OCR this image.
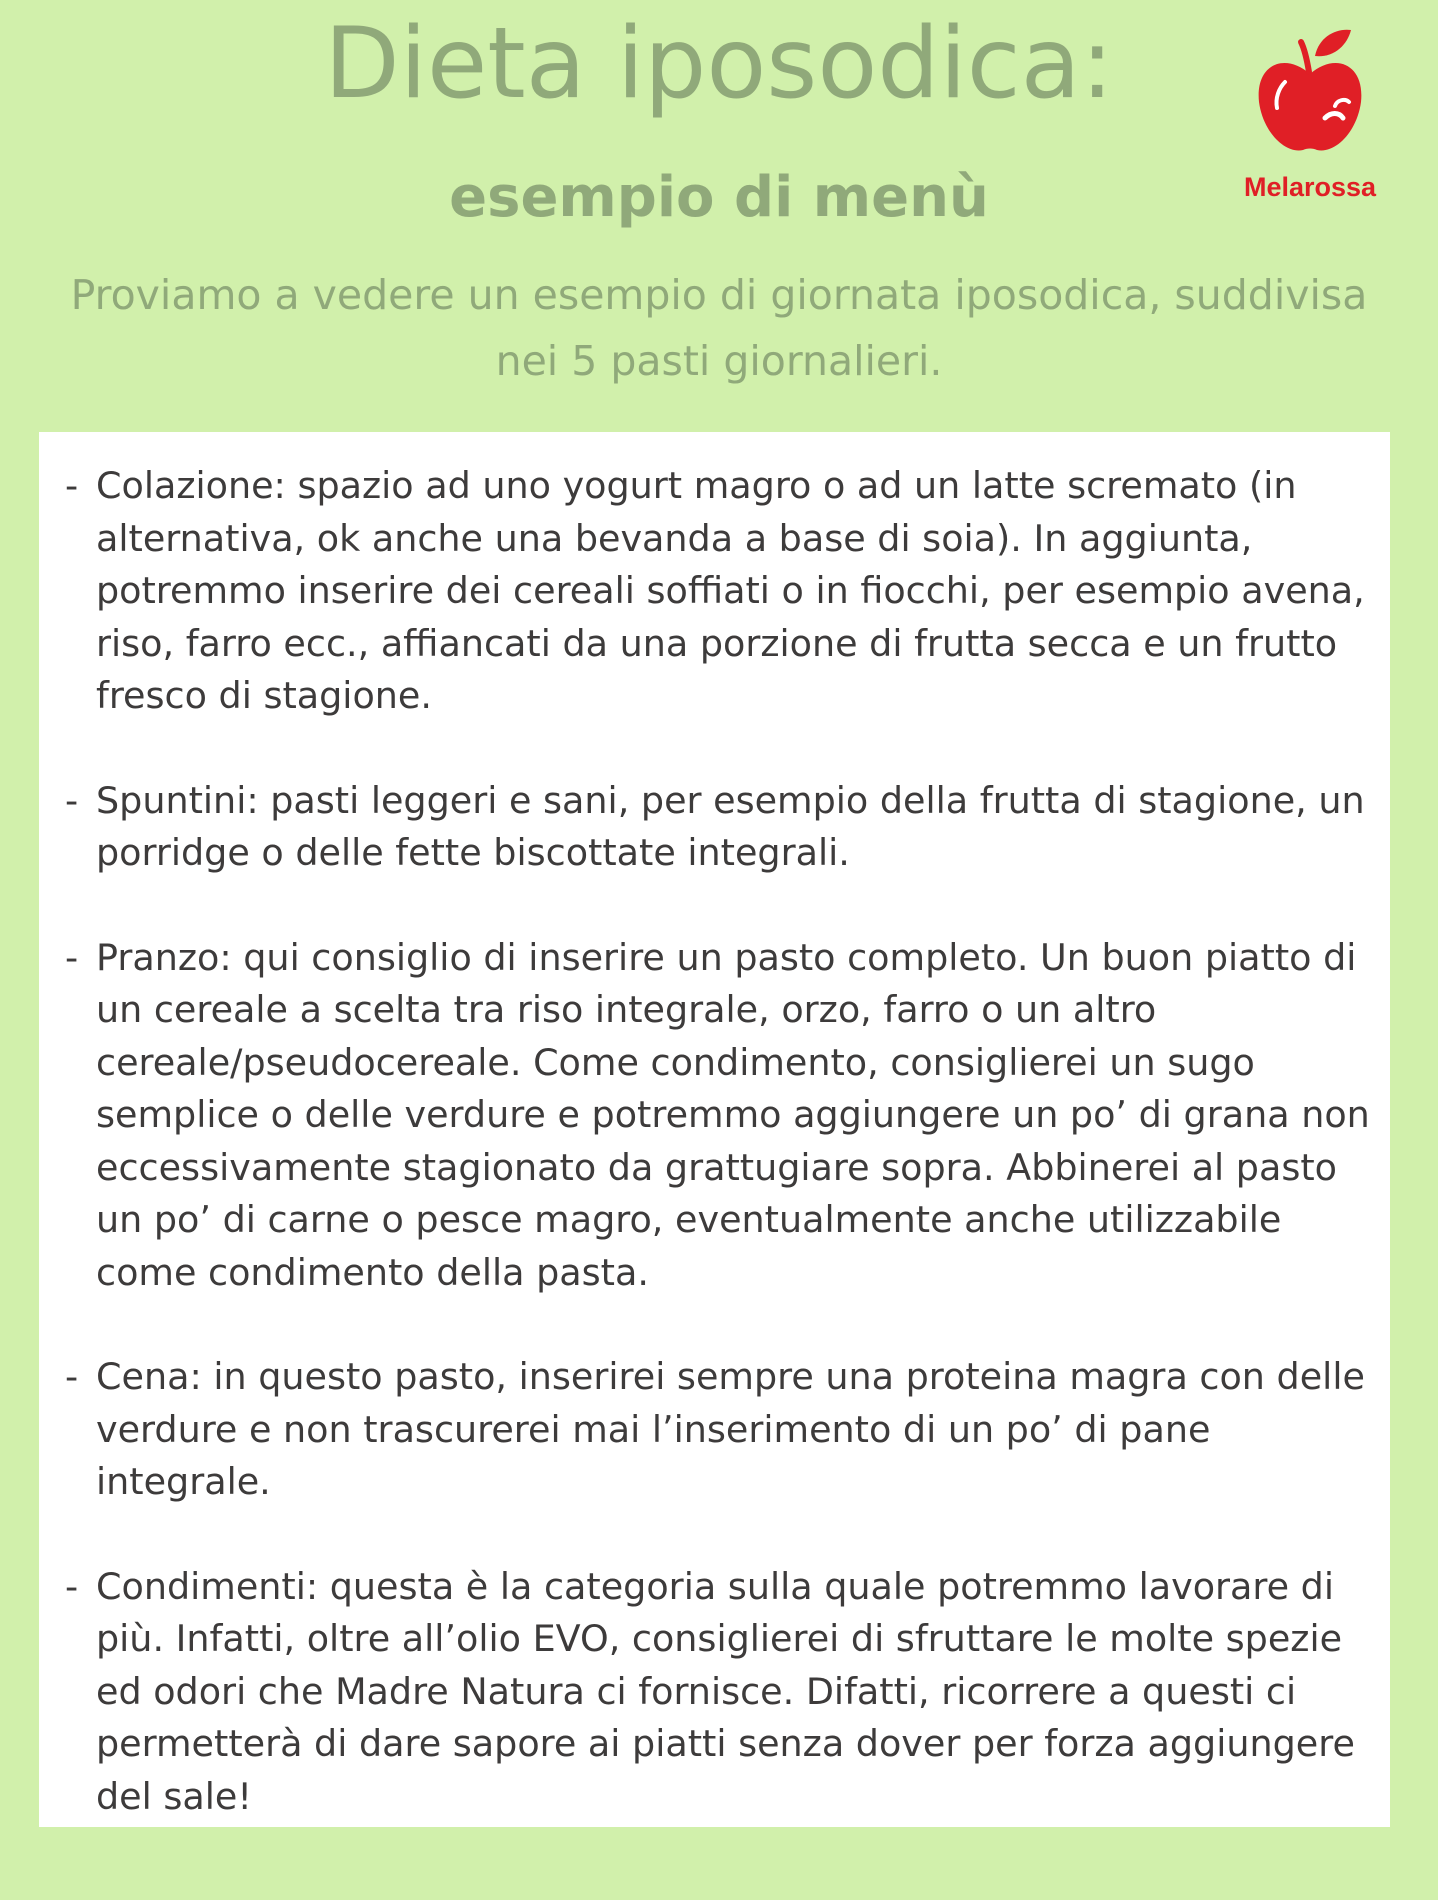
Dieta iposodica:
esempio di menù

Proviamo a vedere un esempio di giornata iposodica, suddivisa nei 5 pasti giornalieri.

Melarossa
- Colazione: spazio ad uno yogurt magro o ad un latte scremato (in alternativa, ok anche una bevanda a base di soia). In aggiunta, potremmo inserire dei cereali soffiati o in fiocchi, per esempio avena, riso, farro ecc., affiancati da una porzione di frutta secca e un frutto fresco di stagione.
- Spuntini: pasti leggeri e sani, per esempio della frutta di stagione, un porridge o delle fette biscottate integrali.
- Pranzo: qui consiglio di inserire un pasto completo. Un buon piatto di un cereale a scelta tra riso integrale, orzo, farro o un altro cereale/pseudocereale. Come condimento, consiglierei un sugo semplice o delle verdure e potremmo aggiungere un po’ di grana non eccessivamente stagionato da grattugiare sopra. Abbinerei al pasto un po’ di carne o pesce magro, eventualmente anche utilizzabile come condimento della pasta.
- Cena: in questo pasto, inserirei sempre una proteina magra con delle verdure e non trascurerei mai l’inserimento di un po’ di pane integrale.
- Condimenti: questa è la categoria sulla quale potremmo lavorare di più. Infatti, oltre all’olio EVO, consiglierei di sfruttare le molte spezie ed odori che Madre Natura ci fornisce. Difatti, ricorrere a questi ci permetterà di dare sapore ai piatti senza dover per forza aggiungere del sale!
